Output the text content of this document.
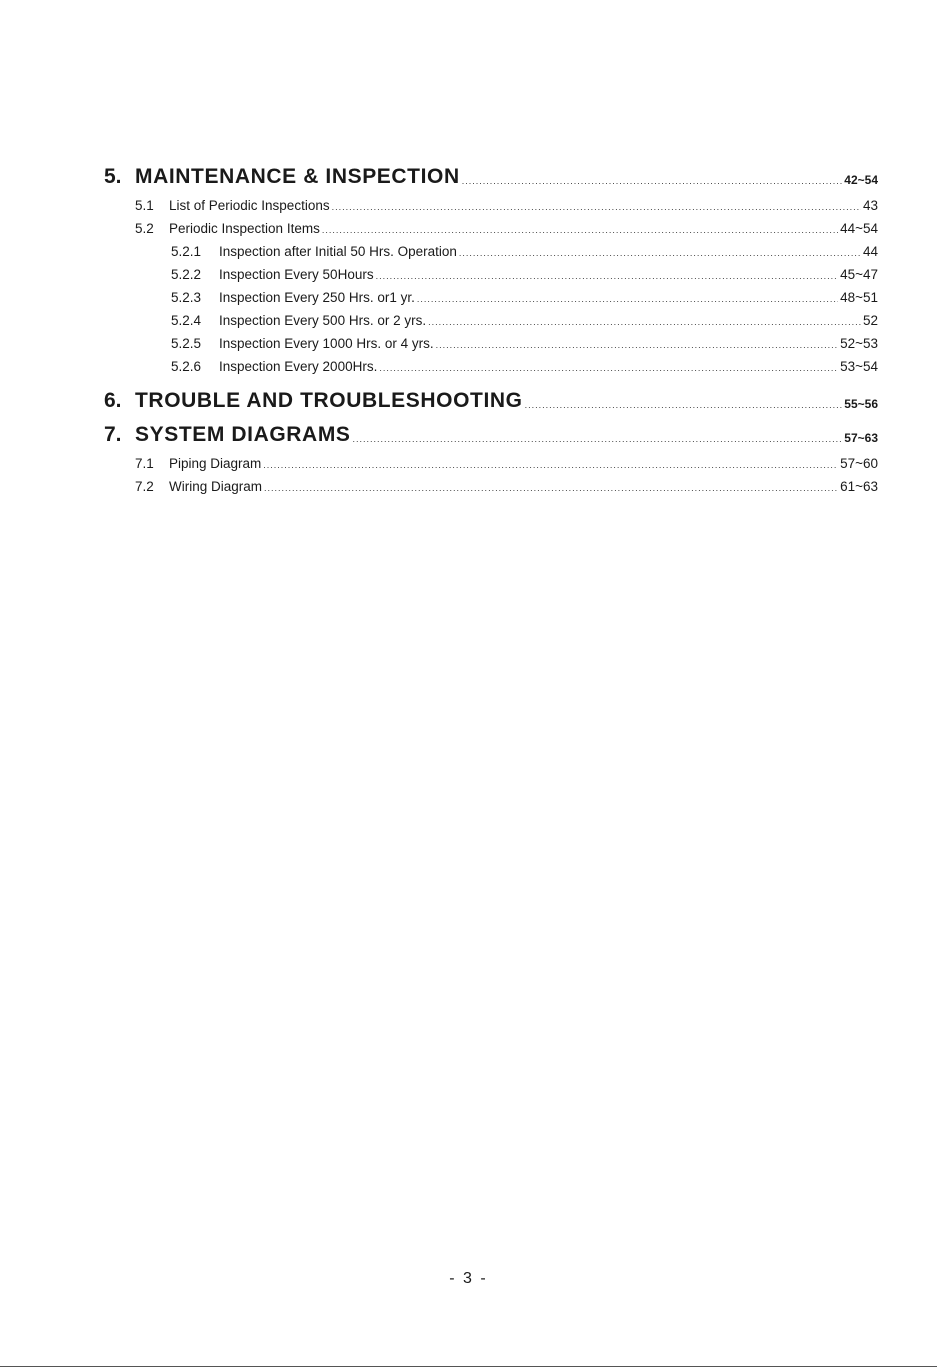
5. MAINTENANCE & INSPECTION .....	42~54
5.1	List of Periodic Inspections .....	43
5.2	Periodic Inspection Items .....	44~54
5.2.1	Inspection after Initial 50 Hrs. Operation .....	44
5.2.2	Inspection Every 50Hours .....	45~47
5.2.3	Inspection Every 250 Hrs. or1 yr. .....	48~51
5.2.4	Inspection Every 500 Hrs. or 2 yrs. .....	52
5.2.5	Inspection Every 1000 Hrs. or 4 yrs. .....	52~53
5.2.6	Inspection Every 2000Hrs. .....	53~54
6. TROUBLE AND TROUBLESHOOTING .....	55~56
7. SYSTEM DIAGRAMS .....	57~63
7.1	Piping Diagram .....	57~60
7.2	Wiring Diagram .....	61~63
- 3 -
